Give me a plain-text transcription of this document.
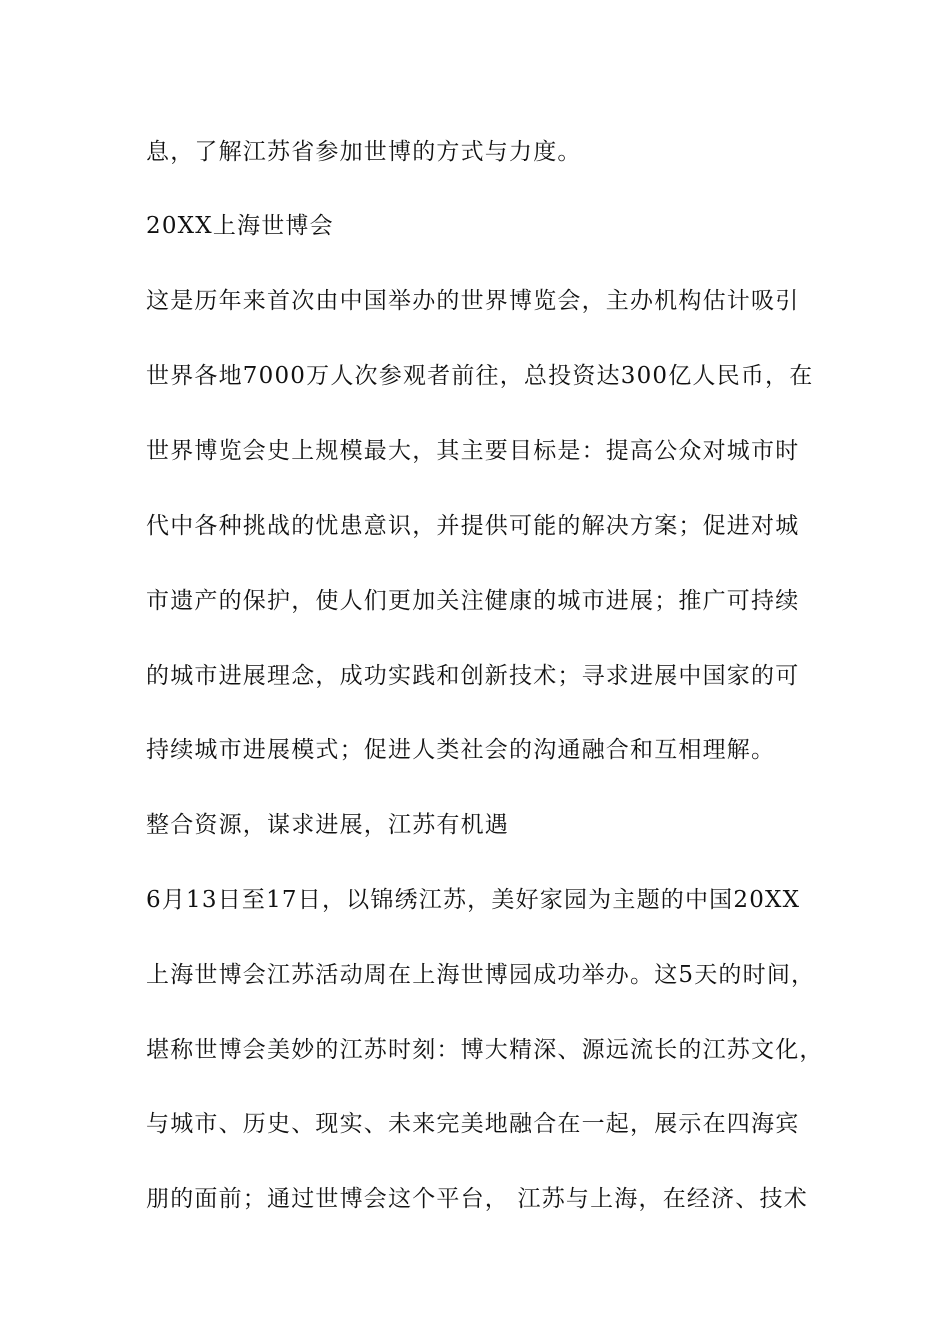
息，了解江苏省参加世博的方式与力度。
20XX上海世博会
这是历年来首次由中国举办的世界博览会，主办机构估计吸引
世界各地7000万人次参观者前往，总投资达300亿人民币，在
世界博览会史上规模最大，其主要目标是：提高公众对城市时
代中各种挑战的忧患意识，并提供可能的解决方案；促进对城
市遗产的保护，使人们更加关注健康的城市进展；推广可持续
的城市进展理念，成功实践和创新技术；寻求进展中国家的可
持续城市进展模式；促进人类社会的沟通融合和互相理解。
整合资源，谋求进展，江苏有机遇
6月13日至17日，以锦绣江苏，美好家园为主题的中国20XX
上海世博会江苏活动周在上海世博园成功举办。这5天的时间，
堪称世博会美妙的江苏时刻：博大精深、源远流长的江苏文化，
与城市、历史、现实、未来完美地融合在一起，展示在四海宾
朋的面前；通过世博会这个平台， 江苏与上海，在经济、技术
